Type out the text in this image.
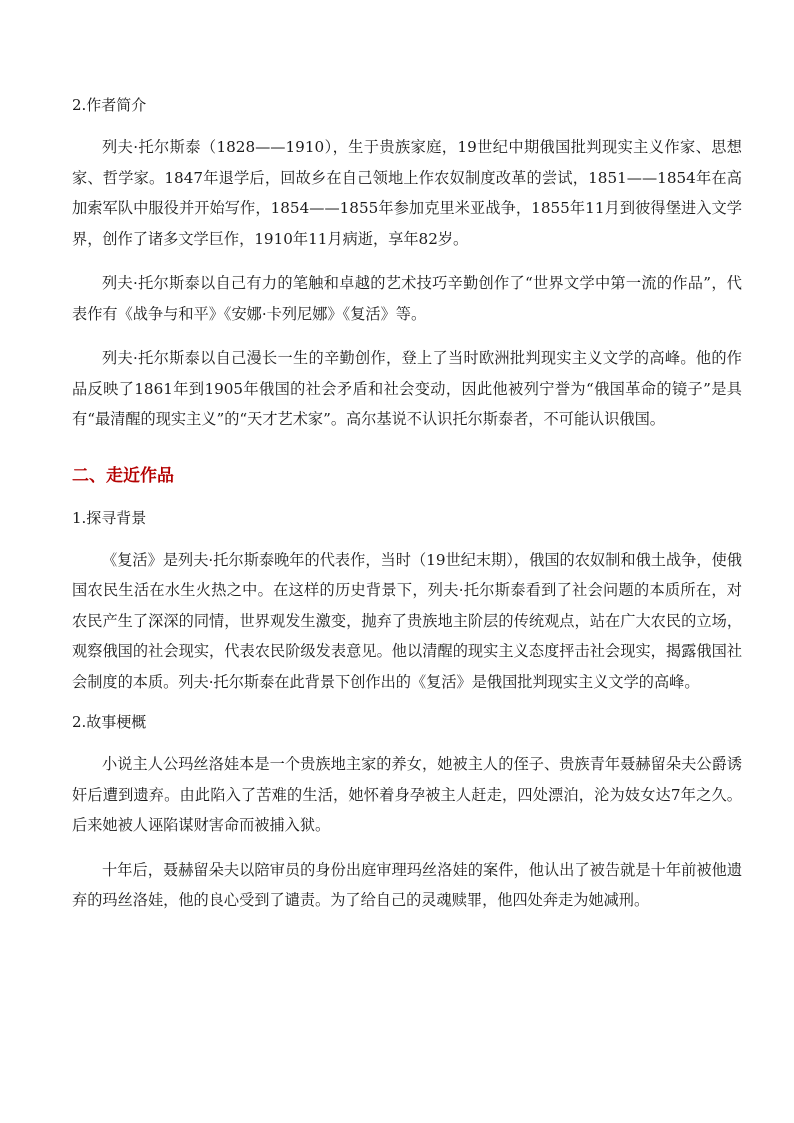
2.作者简介

列夫·托尔斯泰（1828——1910），生于贵族家庭，19世纪中期俄国批判现实主义作家、思想家、哲学家。1847年退学后，回故乡在自己领地上作农奴制度改革的尝试，1851——1854年在高加索军队中服役并开始写作，1854——1855年参加克里米亚战争，1855年11月到彼得堡进入文学界，创作了诸多文学巨作，1910年11月病逝，享年82岁。

列夫·托尔斯泰以自己有力的笔触和卓越的艺术技巧辛勤创作了“世界文学中第一流的作品”，代表作有《战争与和平》《安娜·卡列尼娜》《复活》等。

列夫·托尔斯泰以自己漫长一生的辛勤创作，登上了当时欧洲批判现实主义文学的高峰。他的作品反映了1861年到1905年俄国的社会矛盾和社会变动，因此他被列宁誉为“俄国革命的镜子”是具有“最清醒的现实主义”的“天才艺术家”。高尔基说不认识托尔斯泰者，不可能认识俄国。

二、走近作品
1.探寻背景

《复活》是列夫·托尔斯泰晚年的代表作，当时（19世纪末期），俄国的农奴制和俄土战争，使俄国农民生活在水生火热之中。在这样的历史背景下，列夫·托尔斯泰看到了社会问题的本质所在，对农民产生了深深的同情，世界观发生激变，抛弃了贵族地主阶层的传统观点，站在广大农民的立场，观察俄国的社会现实，代表农民阶级发表意见。他以清醒的现实主义态度抨击社会现实，揭露俄国社会制度的本质。列夫·托尔斯泰在此背景下创作出的《复活》是俄国批判现实主义文学的高峰。

2.故事梗概

小说主人公玛丝洛娃本是一个贵族地主家的养女，她被主人的侄子、贵族青年聂赫留朵夫公爵诱奸后遭到遗弃。由此陷入了苦难的生活，她怀着身孕被主人赶走，四处漂泊，沦为妓女达7年之久。后来她被人诬陷谋财害命而被捕入狱。

十年后，聂赫留朵夫以陪审员的身份出庭审理玛丝洛娃的案件，他认出了被告就是十年前被他遗弃的玛丝洛娃，他的良心受到了谴责。为了给自己的灵魂赎罪，他四处奔走为她减刑。
